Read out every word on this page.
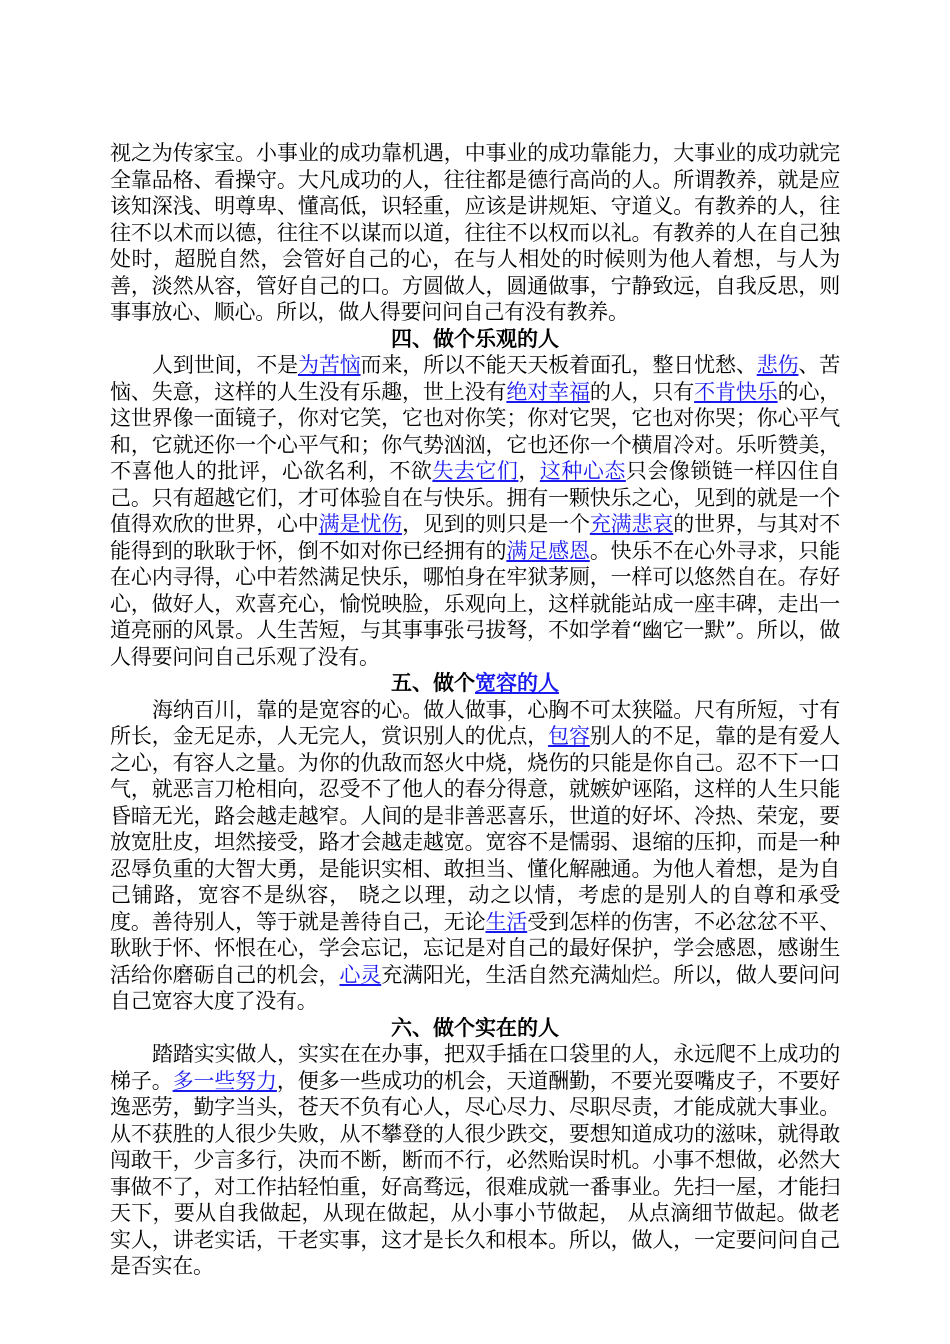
视之为传家宝。小事业的成功靠机遇，中事业的成功靠能力，大事业的成功就完全靠品格、看操守。大凡成功的人，往往都是德行高尚的人。所谓教养，就是应该知深浅、明尊卑、懂高低，识轻重，应该是讲规矩、守道义。有教养的人，往往不以术而以德，往往不以谋而以道，往往不以权而以礼。有教养的人在自己独处时，超脱自然，会管好自己的心，在与人相处的时候则为他人着想，与人为善，淡然从容，管好自己的口。方圆做人，圆通做事，宁静致远，自我反思，则事事放心、顺心。所以，做人得要问问自己有没有教养。

四、做个乐观的人

人到世间，不是为苦恼而来，所以不能天天板着面孔，整日忧愁、悲伤、苦恼、失意，这样的人生没有乐趣，世上没有绝对幸福的人，只有不肯快乐的心，这世界像一面镜子，你对它笑，它也对你笑；你对它哭，它也对你哭；你心平气和，它就还你一个心平气和；你气势汹汹，它也还你一个横眉冷对。乐听赞美，不喜他人的批评，心欲名利，不欲失去它们，这种心态只会像锁链一样囚住自己。只有超越它们，才可体验自在与快乐。拥有一颗快乐之心，见到的就是一个值得欢欣的世界，心中满是忧伤，见到的则只是一个充满悲哀的世界，与其对不能得到的耿耿于怀，倒不如对你已经拥有的满足感恩。快乐不在心外寻求，只能在心内寻得，心中若然满足快乐，哪怕身在牢狱茅厕，一样可以悠然自在。存好心，做好人，欢喜充心，愉悦映脸，乐观向上，这样就能站成一座丰碑，走出一道亮丽的风景。人生苦短，与其事事张弓拔弩，不如学着“幽它一默”。所以，做人得要问问自己乐观了没有。

五、做个宽容的人

海纳百川，靠的是宽容的心。做人做事，心胸不可太狭隘。尺有所短，寸有所长，金无足赤，人无完人，赏识别人的优点，包容别人的不足，靠的是有爱人之心，有容人之量。为你的仇敌而怒火中烧，烧伤的只能是你自己。忍不下一口气，就恶言刀枪相向，忍受不了他人的春分得意，就嫉妒诬陷，这样的人生只能昏暗无光，路会越走越窄。人间的是非善恶喜乐，世道的好坏、冷热、荣宠，要放宽肚皮，坦然接受，路才会越走越宽。宽容不是懦弱、退缩的压抑，而是一种忍辱负重的大智大勇，是能识实相、敢担当、懂化解融通。为他人着想，是为自己铺路，宽容不是纵容， 晓之以理，动之以情，考虑的是别人的自尊和承受度。善待别人，等于就是善待自己，无论生活受到怎样的伤害，不必忿忿不平、耿耿于怀、怀恨在心，学会忘记，忘记是对自己的最好保护，学会感恩，感谢生活给你磨砺自己的机会，心灵充满阳光，生活自然充满灿烂。所以，做人要问问自己宽容大度了没有。

六、做个实在的人

踏踏实实做人，实实在在办事，把双手插在口袋里的人，永远爬不上成功的梯子。多一些努力，便多一些成功的机会，天道酬勤，不要光耍嘴皮子，不要好逸恶劳，勤字当头，苍天不负有心人，尽心尽力、尽职尽责，才能成就大事业。从不获胜的人很少失败，从不攀登的人很少跌交，要想知道成功的滋味，就得敢闯敢干，少言多行，决而不断，断而不行，必然贻误时机。小事不想做，必然大事做不了，对工作拈轻怕重，好高骛远，很难成就一番事业。先扫一屋，才能扫天下，要从自我做起，从现在做起，从小事小节做起， 从点滴细节做起。做老实人，讲老实话，干老实事，这才是长久和根本。所以，做人，一定要问问自己是否实在。
